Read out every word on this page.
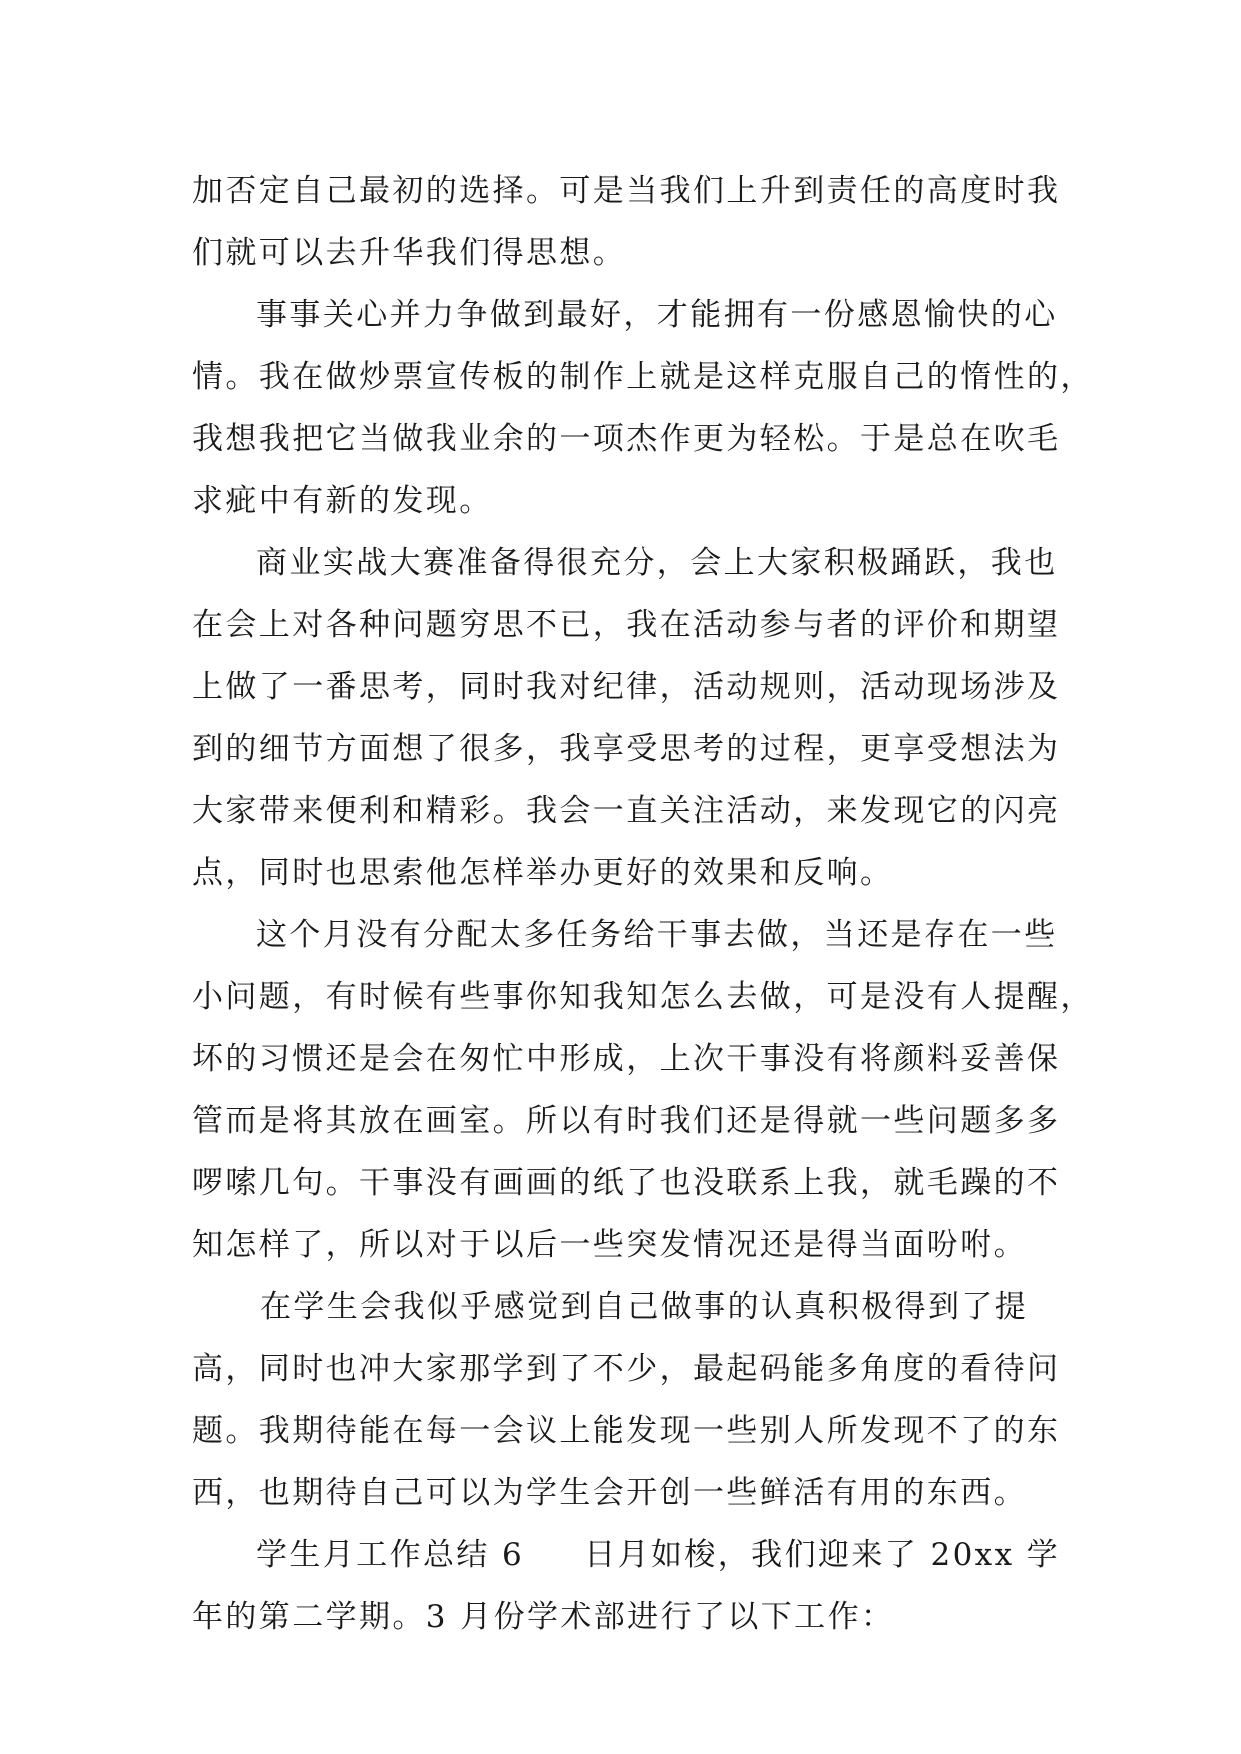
加否定自己最初的选择。可是当我们上升到责任的高度时我
们就可以去升华我们得思想。

事事关心并力争做到最好，才能拥有一份感恩愉快的心
情。我在做炒票宣传板的制作上就是这样克服自己的惰性的，
我想我把它当做我业余的一项杰作更为轻松。于是总在吹毛
求疵中有新的发现。

商业实战大赛准备得很充分，会上大家积极踊跃，我也
在会上对各种问题穷思不已，我在活动参与者的评价和期望
上做了一番思考，同时我对纪律，活动规则，活动现场涉及
到的细节方面想了很多，我享受思考的过程，更享受想法为
大家带来便利和精彩。我会一直关注活动，来发现它的闪亮
点，同时也思索他怎样举办更好的效果和反响。

这个月没有分配太多任务给干事去做，当还是存在一些
小问题，有时候有些事你知我知怎么去做，可是没有人提醒，
坏的习惯还是会在匆忙中形成，上次干事没有将颜料妥善保
管而是将其放在画室。所以有时我们还是得就一些问题多多
啰嗦几句。干事没有画画的纸了也没联系上我，就毛躁的不
知怎样了，所以对于以后一些突发情况还是得当面吩咐。

在学生会我似乎感觉到自己做事的认真积极得到了提
高，同时也冲大家那学到了不少，最起码能多角度的看待问
题。我期待能在每一会议上能发现一些别人所发现不了的东
西，也期待自己可以为学生会开创一些鲜活有用的东西。

学生月工作总结 6 日月如梭，我们迎来了 20xx 学
年的第二学期。3 月份学术部进行了以下工作：
